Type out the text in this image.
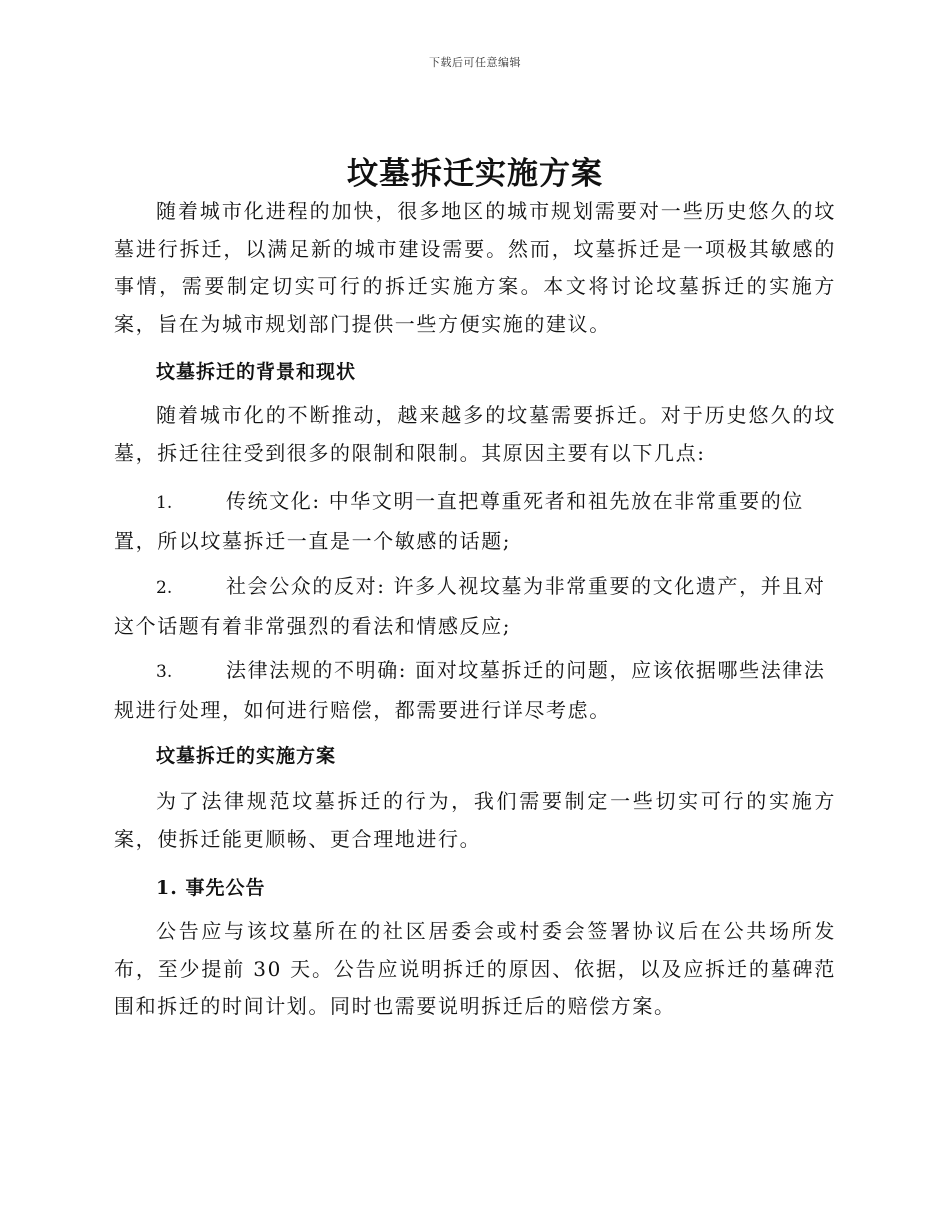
下载后可任意编辑
坟墓拆迁实施方案

随着城市化进程的加快，很多地区的城市规划需要对一些历史悠久的坟墓进行拆迁，以满足新的城市建设需要。然而，坟墓拆迁是一项极其敏感的事情，需要制定切实可行的拆迁实施方案。本文将讨论坟墓拆迁的实施方案，旨在为城市规划部门提供一些方便实施的建议。

坟墓拆迁的背景和现状

随着城市化的不断推动，越来越多的坟墓需要拆迁。对于历史悠久的坟墓，拆迁往往受到很多的限制和限制。其原因主要有以下几点:

1.	传统文化: 中华文明一直把尊重死者和祖先放在非常重要的位置，所以坟墓拆迁一直是一个敏感的话题;

2.	社会公众的反对: 许多人视坟墓为非常重要的文化遗产，并且对这个话题有着非常强烈的看法和情感反应;

3.	法律法规的不明确: 面对坟墓拆迁的问题，应该依据哪些法律法规进行处理，如何进行赔偿，都需要进行详尽考虑。

坟墓拆迁的实施方案

为了法律规范坟墓拆迁的行为，我们需要制定一些切实可行的实施方案，使拆迁能更顺畅、更合理地进行。

1. 事先公告

公告应与该坟墓所在的社区居委会或村委会签署协议后在公共场所发布，至少提前 30 天。公告应说明拆迁的原因、依据，以及应拆迁的墓碑范围和拆迁的时间计划。同时也需要说明拆迁后的赔偿方案。
